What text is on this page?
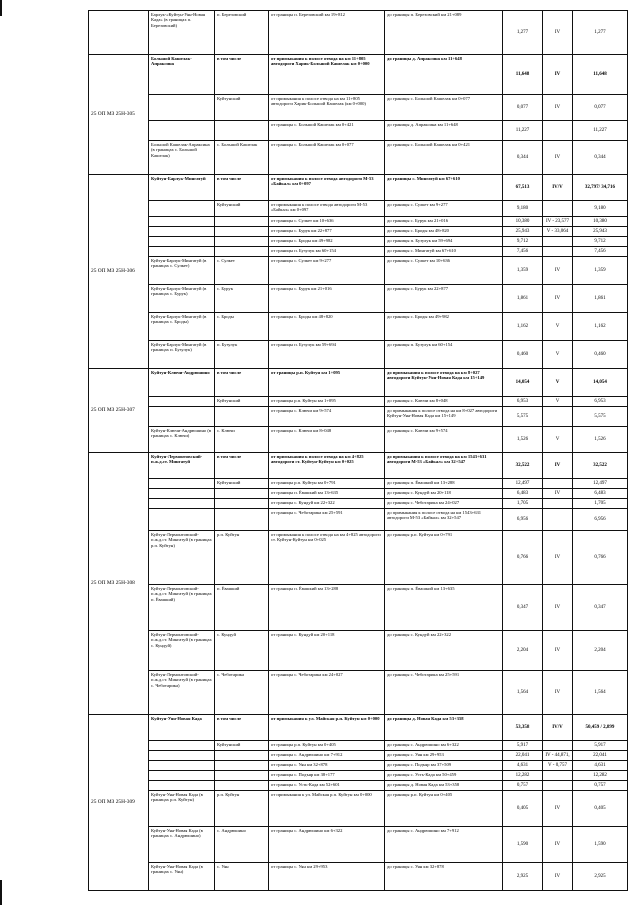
	Барлук-«Куйтун-Уян-Новая Када» (в границах п. Березовский)	п. Березовский	от границы п. Березовский км 19+812	до границы п. Березовский км 21+089	1,277	IV	1,277
25 ОП МЗ 25Н-305	Большой Кашелак-Апраксина	в том числе	от примыкания к полосе отвода на км 11+805 автодороги Харик-Большой Кашелак км 0+000	до границы д. Апраксина км 11+648	11,648	IV	11,648
		Куйтунский	от примыкания к полосе отвода на км 11+805 автодороги Харик-Большой Кашелак (км 0+000)	до границы с. Большой Кашелак км 0+077	0,077	IV	0,077
			от границы с. Большой Кашелак км 0+421	до границы д. Апраксина км 11+648	11,227		11,227
	Большой Кашелак-Апраксина (в границах с. Большой Кашелак)	с. Большой Кашелак	от границы с. Большой Кашелак км 0+077	до границы с. Большой Кашелак км 0+421	0,344	IV	0,344
25 ОП МЗ 25Н-306	Куйтун-Барлук-Мингатуй	в том числе	от примыкания к полосе отвода автодороги М-53 «Байкал» км 0+097	до границы с. Мингатуй км 67+610	67,513	IV/V	32,797/ 34,716
		Куйтунский	от примыкания к полосе отвода автодороги М-53 «Байкал» км 0+097	до границы с. Сулкет км 9+277	9,180		9,180
			от границы с. Сулкет км 10+636	до границы с. Бурук км 21+016	10,380	IV - 23,577	10,380
			от границы с. Бурук км 22+877	до границы с. Броды км 48+820	25,943	V - 33,064	25,943
			от границы с. Броды км 49+982	до границы п. Бузулук км 59+694	9,712		9,712
			от границы п. Бузулук км 60+154	до границы с. Мингатуй км 67+610	7,456		7,456
	Куйтун-Барлук-Мингатуй (в границах с. Сулкет)	с. Сулкет	от границы с. Сулкет км 9+277	до границы с. Сулкет км 10+636	1,359	IV	1,359
	Куйтун-Барлук-Мингатуй (в границах с. Бурук)	с. Бурук	от границы с. Бурук км 21+016	до границы с. Бурук км 22+877	1,861	IV	1,861
	Куйтун-Барлук-Мингатуй (в границах с. Броды)	с. Броды	от границы с. Броды км 48+820	до границы с. Броды км 49+982	1,162	V	1,162
	Куйтун-Барлук-Мингатуй (в границах п. Бузулук)	п. Бузулук	от границы п. Бузулук км 59+694	до границы п. Бузулук км 60+154	0,460	V	0,460
25 ОП МЗ 25Н-307	Куйтун-Ключи-Андрюшино	в том числе	от границы р.п. Куйтун км 1+095	до примыкания к полосе отвода на км 8+027 автодороги Куйтун-Уян-Новая Када км 15+149	14,054	V	14,054
		Куйтунский	от границы р.п. Куйтун км 1+095	до границы с. Ключи км 8+048	6,953	V	6,953
			от границы с. Ключи км 9+574	до примыкания к полосе отвода на км 8+027 автодороги Куйтун-Уян-Новая Када км 15+149	5,575		5,575
	Куйтун-Ключи-Андрюшино (в границах с. Ключи)	с. Ключи	от границы с. Ключи км 8+048	до границы с. Ключи км 9+574	1,526	V	1,526
25 ОП МЗ 25Н-308	Куйтун-Лермонтовский-п.ж.д.ст. Мингатуй	в том числе	от примыкания к полосе отвода на км 4+825 автодороги ст. Куйтун-Куйтун км 0+025	до примыкания к полосе отвода на км 1543+631 автодороги М-53 «Байкал» км 32+547	32,522	IV	32,522
		Куйтунский	от границы р.п. Куйтун км 0+791	до границы п. Ёвашкий км 13+288	12,497		12,497
			от границы п. Ёвашкий км 13+635	до границы с. Кундуй км 20+118	6,483	IV	6,483
			от границы с. Кундуй км 22+322	до границы с. Чеботарика км 24+027	1,705		1,705
			от границы с. Чеботарика км 25+591	до примыкания к полосе отвода на км 1543+631 автодороги М-53 «Байкал» км 32+547	6,956		6,956
	Куйтун-Лермонтовский-п.ж.д.ст. Мингатуй (в границах р.п. Куйтун)	р.п. Куйтун	от примыкания к полосе отвода на км 4+825 автодороги ст. Куйтун-Куйтун км 0+025	до границы р.п. Куйтун км 0+791	0,766	IV	0,766
	Куйтун-Лермонтовский-п.ж.д.ст. Мингатуй (в границах п. Ёвашкий)	п. Ёвашкий	от границы п. Ёвашкий км 13+288	до границы п. Ёвашкий км 13+635	0,347	IV	0,347
	Куйтун-Лермонтовский-п.ж.д.ст. Мингатуй (в границах с. Кундуй)	с. Кундуй	от границы с. Кундуй км 20+118	до границы с. Кундуй км 22+322	2,204	IV	2,204
	Куйтун-Лермонтовский-п.ж.д.ст. Мингатуй (в границах с. Чеботарика)	с. Чеботарика	от границы с. Чеботарика км 24+027	до границы с. Чеботарика км 25+591	1,564	IV	1,564
25 ОП МЗ 25Н-309	Куйтун-Уян-Новая Када	в том числе	от примыкания к ул. Майская р.п. Куйтун км 0+000	до границы д. Новая Када км 53+358	53,358	IV/V	50,459 / 2,899
		Куйтунский	от границы р.п. Куйтун км 0+405	до границы с. Андрюшино км 6+322	5,917		5,917
			от границы с. Андрюшино км 7+912	до границы с. Уян км 29+953	22,041	IV - 44,871,	22,041
			от границы с. Уян км 32+878	до границы с. Подъяр км 37+509	4,631	V - 0,757	4,631
			от границы с. Подъяр км 38+177	до границы с. Усть-Када км 50+459	12,282		12,282
			от границы с. Усть-Када км 52+601	до границы д. Новая Када км 53+358	0,757		0,757
	Куйтун-Уян-Новая Када (в границах р.п. Куйтун)	р.п. Куйтун	от примыкания к ул. Майская р.п. Куйтун км 0+000	до границы р.п. Куйтун км 0+405	0,405	IV	0,405
	Куйтун-Уян-Новая Када (в границах с. Андрюшино)	с. Андрюшино	от границы с. Андрюшино км 6+322	до границы с. Андрюшино км 7+912	1,590	IV	1,590
	Куйтун-Уян-Новая Када (в границах с. Уян)	с. Уян	от границы с. Уян км 29+953	до границы с. Уян км 32+878	2,925	IV	2,925
